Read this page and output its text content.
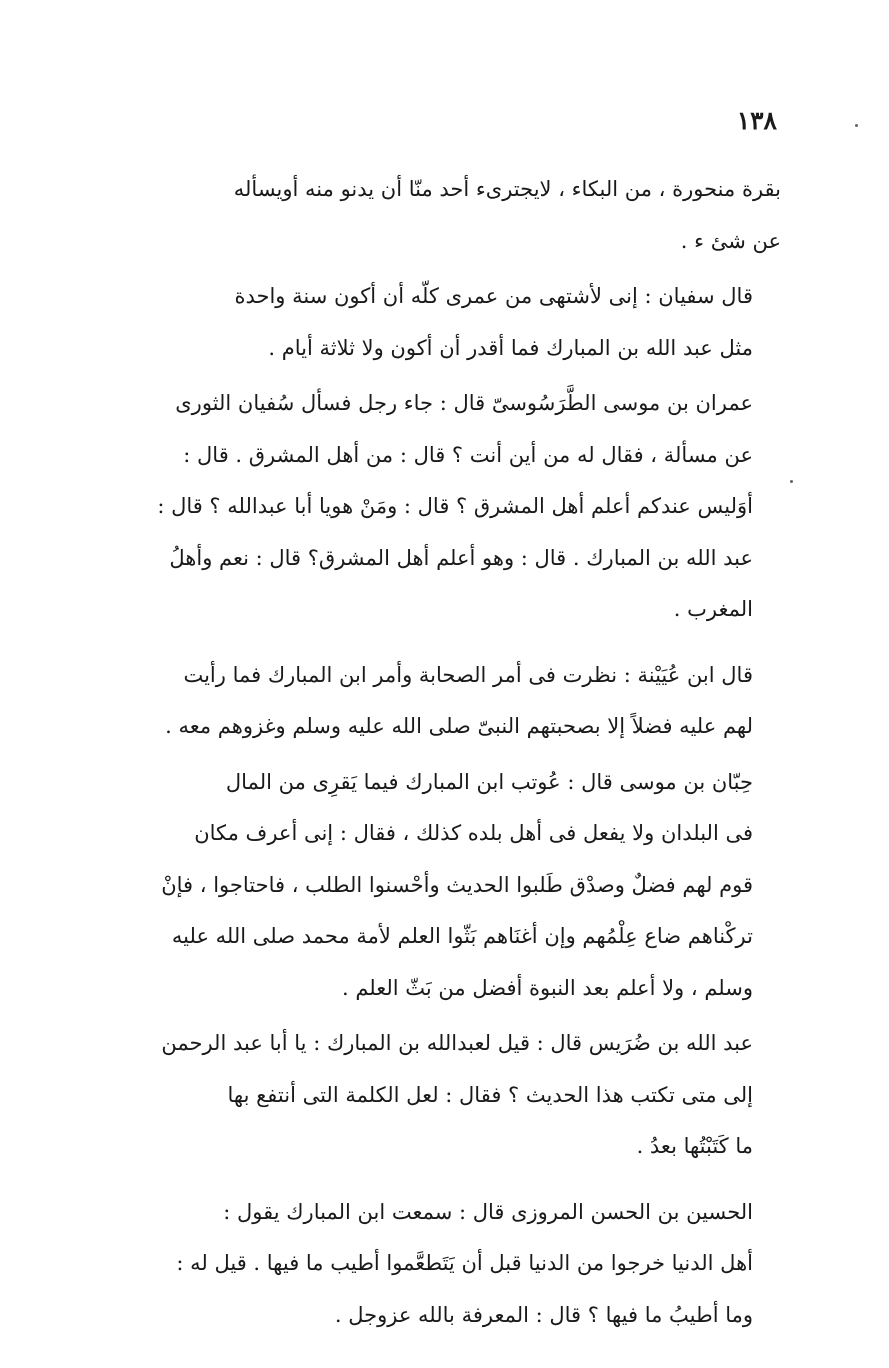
١٣٨

بقرة منحورة ، من البكاء ، لايجترىء أحد منّا أن يدنو منه أويسأله
عن شئ ء .

قال سفيان : إنى لأشتهى من عمرى كلّه أن أكون سنة واحدة
مثل عبد الله بن المبارك فما أقدر أن أكون ولا ثلاثة أيام .

عمران بن موسى الطَّرَسُوسىّ قال : جاء رجل فسأل سُفيان الثورى
عن مسألة ، فقال له من أين أنت ؟ قال : من أهل المشرق . قال :
أوَليس عندكم أعلم أهل المشرق ؟ قال : ومَنْ هويا أبا عبدالله ؟ قال :
عبد الله بن المبارك . قال : وهو أعلم أهل المشرق؟ قال : نعم وأهلُ
المغرب .

قال ابن عُيَيْنة : نظرت فى أمر الصحابة وأمر ابن المبارك فما رأيت
لهم عليه فضلاً إلا بصحبتهم النبىّ صلى الله عليه وسلم وغزوهم معه .

حِبّان بن موسى قال : عُوتب ابن المبارك فيما يَقرِى من المال
فى البلدان ولا يفعل فى أهل بلده كذلك ، فقال : إنى أعرف مكان
قوم لهم فضلٌ وصدْق طَلبوا الحديث وأحْسنوا الطلب ، فاحتاجوا ، فإنْ
تركْناهم ضاع عِلْمُهم وإن أغنَاهم بَثّوا العلم لأمة محمد صلى الله عليه
وسلم ، ولا أعلم بعد النبوة أفضل من بَثّ العلم .

عبد الله بن ضُرَيس قال : قيل لعبدالله بن المبارك : يا أبا عبد الرحمن
إلى متى تكتب هذا الحديث ؟ فقال : لعل الكلمة التى أنتفع بها
ما كَتَبْتُها بعدُ .

الحسين بن الحسن المروزى قال : سمعت ابن المبارك يقول :
أهل الدنيا خرجوا من الدنيا قبل أن يَتَطعَّموا أطيب ما فيها . قيل له :
وما أطيبُ ما فيها ؟ قال : المعرفة بالله عزوجل .
